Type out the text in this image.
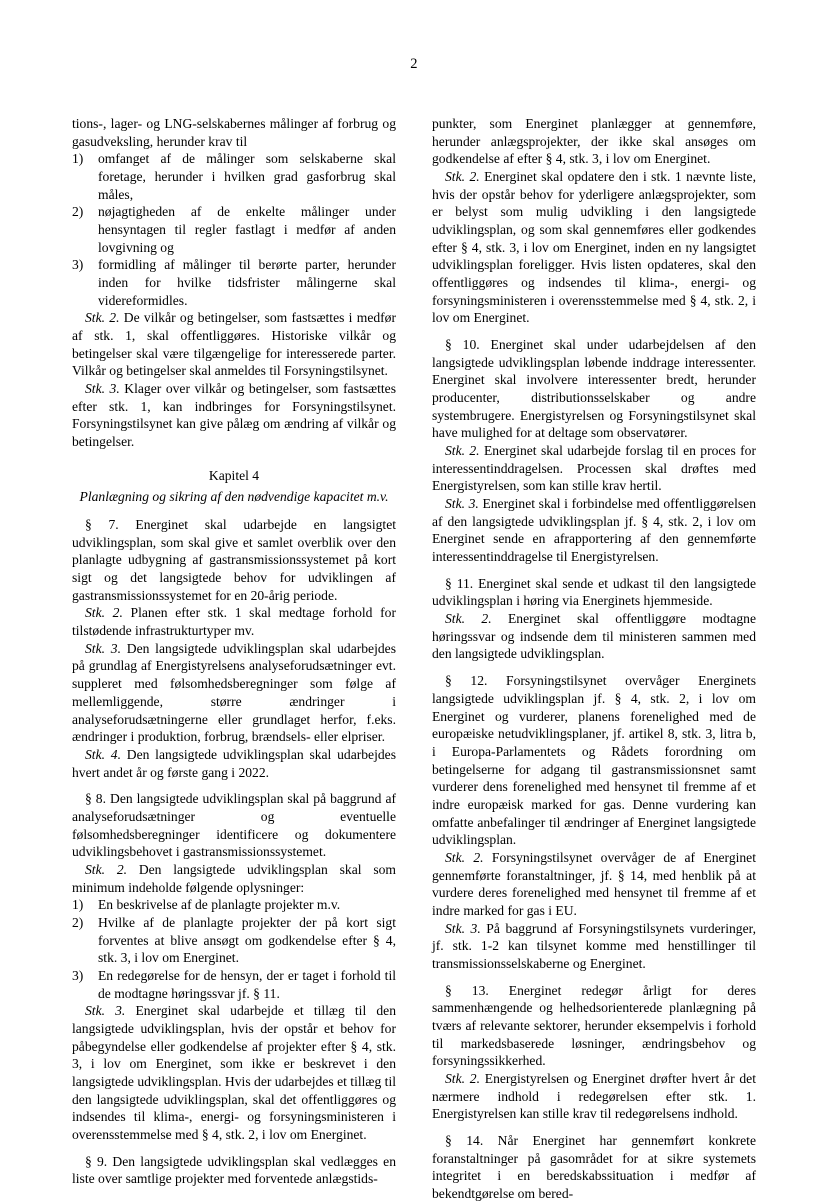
2

tions-, lager- og LNG-selskabernes målinger af forbrug og gasudveksling, herunder krav til

1)	omfanget af de målinger som selskaberne skal foretage, herunder i hvilken grad gasforbrug skal måles,
2)	nøjagtigheden af de enkelte målinger under hensyntagen til regler fastlagt i medfør af anden lovgivning og
3)	formidling af målinger til berørte parter, herunder inden for hvilke tidsfrister målingerne skal videreformidles.

Stk. 2. De vilkår og betingelser, som fastsættes i medfør af stk. 1, skal offentliggøres. Historiske vilkår og betingelser skal være tilgængelige for interesserede parter. Vilkår og betingelser skal anmeldes til Forsyningstilsynet.

Stk. 3. Klager over vilkår og betingelser, som fastsættes efter stk. 1, kan indbringes for Forsyningstilsynet. Forsyningstilsynet kan give pålæg om ændring af vilkår og betingelser.

Kapitel 4

Planlægning og sikring af den nødvendige kapacitet m.v.

§ 7. Energinet skal udarbejde en langsigtet udviklingsplan, som skal give et samlet overblik over den planlagte udbygning af gastransmissionssystemet på kort sigt og det langsigtede behov for udviklingen af gastransmissionssystemet for en 20-årig periode.

Stk. 2. Planen efter stk. 1 skal medtage forhold for tilstødende infrastrukturtyper mv.

Stk. 3. Den langsigtede udviklingsplan skal udarbejdes på grundlag af Energistyrelsens analyseforudsætninger evt. suppleret med følsomhedsberegninger som følge af mellemliggende, større ændringer i analyseforudsætningerne eller grundlaget herfor, f.eks. ændringer i produktion, forbrug, brændsels- eller elpriser.

Stk. 4. Den langsigtede udviklingsplan skal udarbejdes hvert andet år og første gang i 2022.

§ 8. Den langsigtede udviklingsplan skal på baggrund af analyseforudsætninger og eventuelle følsomhedsberegninger identificere og dokumentere udviklingsbehovet i gastransmissionssystemet.

Stk. 2. Den langsigtede udviklingsplan skal som minimum indeholde følgende oplysninger:

1)	En beskrivelse af de planlagte projekter m.v.
2)	Hvilke af de planlagte projekter der på kort sigt forventes at blive ansøgt om godkendelse efter § 4, stk. 3, i lov om Energinet.
3)	En redegørelse for de hensyn, der er taget i forhold til de modtagne høringssvar jf. § 11.

Stk. 3. Energinet skal udarbejde et tillæg til den langsigtede udviklingsplan, hvis der opstår et behov for påbegyndelse eller godkendelse af projekter efter § 4, stk. 3, i lov om Energinet, som ikke er beskrevet i den langsigtede udviklingsplan. Hvis der udarbejdes et tillæg til den langsigtede udviklingsplan, skal det offentliggøres og indsendes til klima-, energi- og forsyningsministeren i overensstemmelse med § 4, stk. 2, i lov om Energinet.

§ 9. Den langsigtede udviklingsplan skal vedlægges en liste over samtlige projekter med forventede anlægstids-

punkter, som Energinet planlægger at gennemføre, herunder anlægsprojekter, der ikke skal ansøges om godkendelse af efter § 4, stk. 3, i lov om Energinet.

Stk. 2. Energinet skal opdatere den i stk. 1 nævnte liste, hvis der opstår behov for yderligere anlægsprojekter, som er belyst som mulig udvikling i den langsigtede udviklingsplan, og som skal gennemføres eller godkendes efter § 4, stk. 3, i lov om Energinet, inden en ny langsigtet udviklingsplan foreligger. Hvis listen opdateres, skal den offentliggøres og indsendes til klima-, energi- og forsyningsministeren i overensstemmelse med § 4, stk. 2, i lov om Energinet.

§ 10. Energinet skal under udarbejdelsen af den langsigtede udviklingsplan løbende inddrage interessenter. Energinet skal involvere interessenter bredt, herunder producenter, distributionsselskaber og andre systembrugere. Energistyrelsen og Forsyningstilsynet skal have mulighed for at deltage som observatører.

Stk. 2. Energinet skal udarbejde forslag til en proces for interessentinddragelsen. Processen skal drøftes med Energistyrelsen, som kan stille krav hertil.

Stk. 3. Energinet skal i forbindelse med offentliggørelsen af den langsigtede udviklingsplan jf. § 4, stk. 2, i lov om Energinet sende en afrapportering af den gennemførte interessentinddragelse til Energistyrelsen.

§ 11. Energinet skal sende et udkast til den langsigtede udviklingsplan i høring via Energinets hjemmeside.

Stk. 2. Energinet skal offentliggøre modtagne høringssvar og indsende dem til ministeren sammen med den langsigtede udviklingsplan.

§ 12. Forsyningstilsynet overvåger Energinets langsigtede udviklingsplan jf. § 4, stk. 2, i lov om Energinet og vurderer, planens forenelighed med de europæiske netudviklingsplaner, jf. artikel 8, stk. 3, litra b, i Europa-Parlamentets og Rådets forordning om betingelserne for adgang til gastransmissionsnet samt vurderer dens forenelighed med hensynet til fremme af et indre europæisk marked for gas. Denne vurdering kan omfatte anbefalinger til ændringer af Energinet langsigtede udviklingsplan.

Stk. 2. Forsyningstilsynet overvåger de af Energinet gennemførte foranstaltninger, jf. § 14, med henblik på at vurdere deres forenelighed med hensynet til fremme af et indre marked for gas i EU.

Stk. 3. På baggrund af Forsyningstilsynets vurderinger, jf. stk. 1-2 kan tilsynet komme med henstillinger til transmissionsselskaberne og Energinet.

§ 13. Energinet redegør årligt for deres sammenhængende og helhedsorienterede planlægning på tværs af relevante sektorer, herunder eksempelvis i forhold til markedsbaserede løsninger, ændringsbehov og forsyningssikkerhed.

Stk. 2. Energistyrelsen og Energinet drøfter hvert år det nærmere indhold i redegørelsen efter stk. 1. Energistyrelsen kan stille krav til redegørelsens indhold.

§ 14. Når Energinet har gennemført konkrete foranstaltninger på gasområdet for at sikre systemets integritet i en beredskabssituation i medfør af bekendtgørelse om bered-
